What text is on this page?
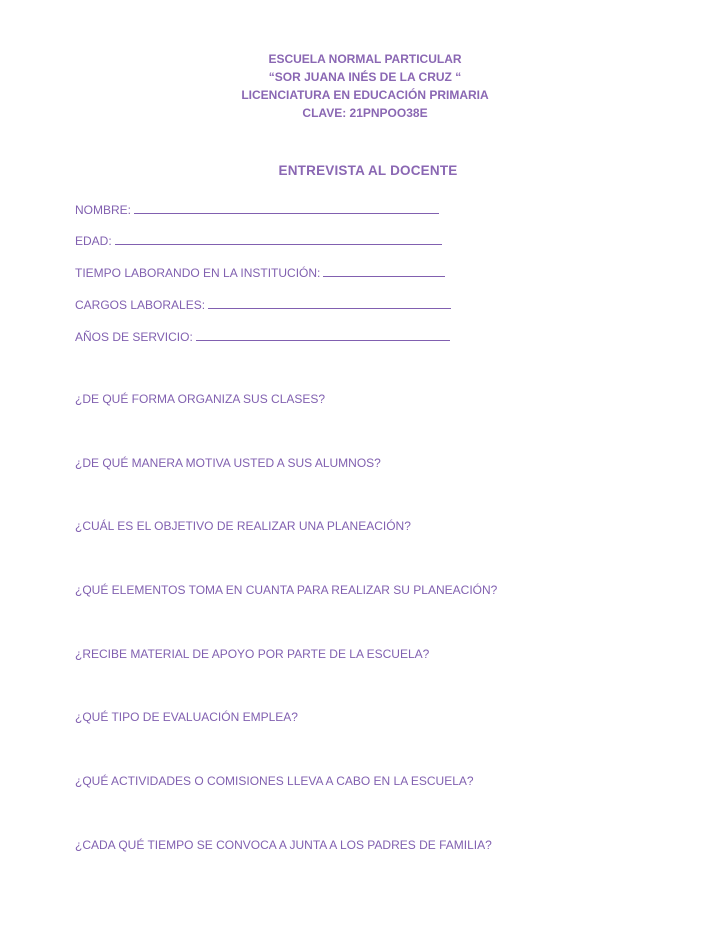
ESCUELA NORMAL PARTICULAR
“SOR JUANA INÉS DE LA CRUZ “
LICENCIATURA EN EDUCACIÓN PRIMARIA
CLAVE: 21PNPOO38E
ENTREVISTA AL DOCENTE
NOMBRE:
EDAD:
TIEMPO LABORANDO EN LA INSTITUCIÓN:
CARGOS LABORALES:
AÑOS DE SERVICIO:
¿DE QUÉ FORMA ORGANIZA SUS CLASES?
¿DE QUÉ MANERA MOTIVA USTED A SUS ALUMNOS?
¿CUÁL ES EL OBJETIVO DE REALIZAR UNA PLANEACIÓN?
¿QUÉ ELEMENTOS TOMA EN CUANTA PARA REALIZAR SU PLANEACIÓN?
¿RECIBE MATERIAL DE APOYO POR PARTE DE LA ESCUELA?
¿QUÉ TIPO DE EVALUACIÓN EMPLEA?
¿QUÉ ACTIVIDADES O COMISIONES LLEVA A CABO EN LA ESCUELA?
¿CADA QUÉ TIEMPO SE CONVOCA A JUNTA A LOS PADRES DE FAMILIA?
